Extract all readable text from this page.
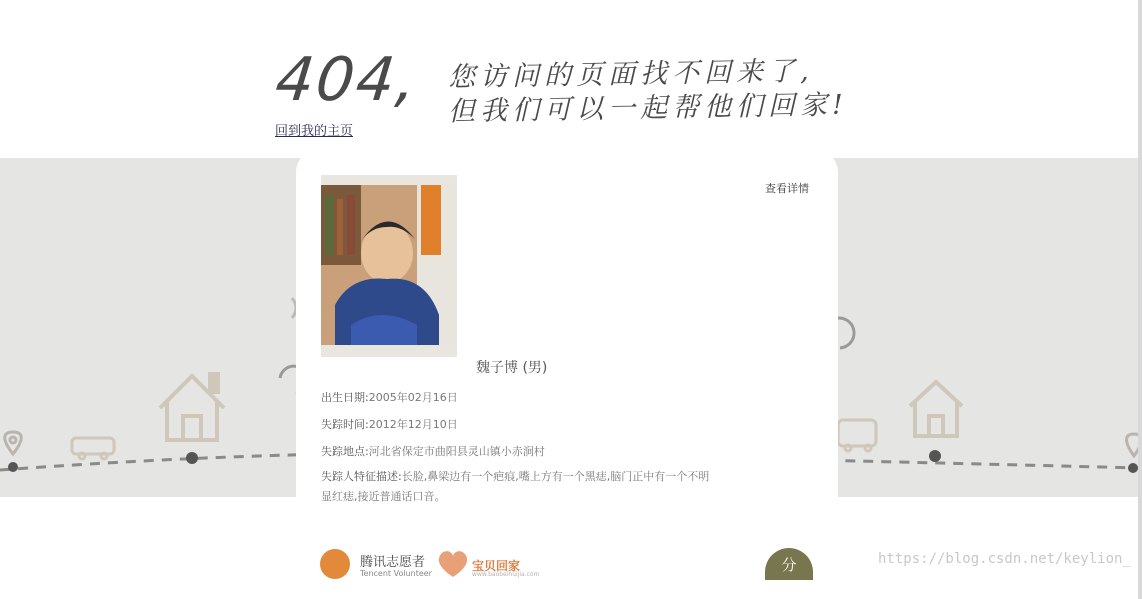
404, 您访问的页面找不回来了,
但我们可以一起帮他们回家!
回到我的主页
查看详情
魏子博 (男)
出生日期:2005年02月16日
失踪时间:2012年12月10日
失踪地点:河北省保定市曲阳县灵山镇小赤涧村
失踪人特征描述:长脸,鼻梁边有一个疤痕,嘴上方有一个黑痣,脑门正中有一个不明显红痣,接近普通话口音。
腾讯志愿者
Tencent Volunteer
宝贝回家
www.baobeihuijia.com
分	https://blog.csdn.net/keylion_
